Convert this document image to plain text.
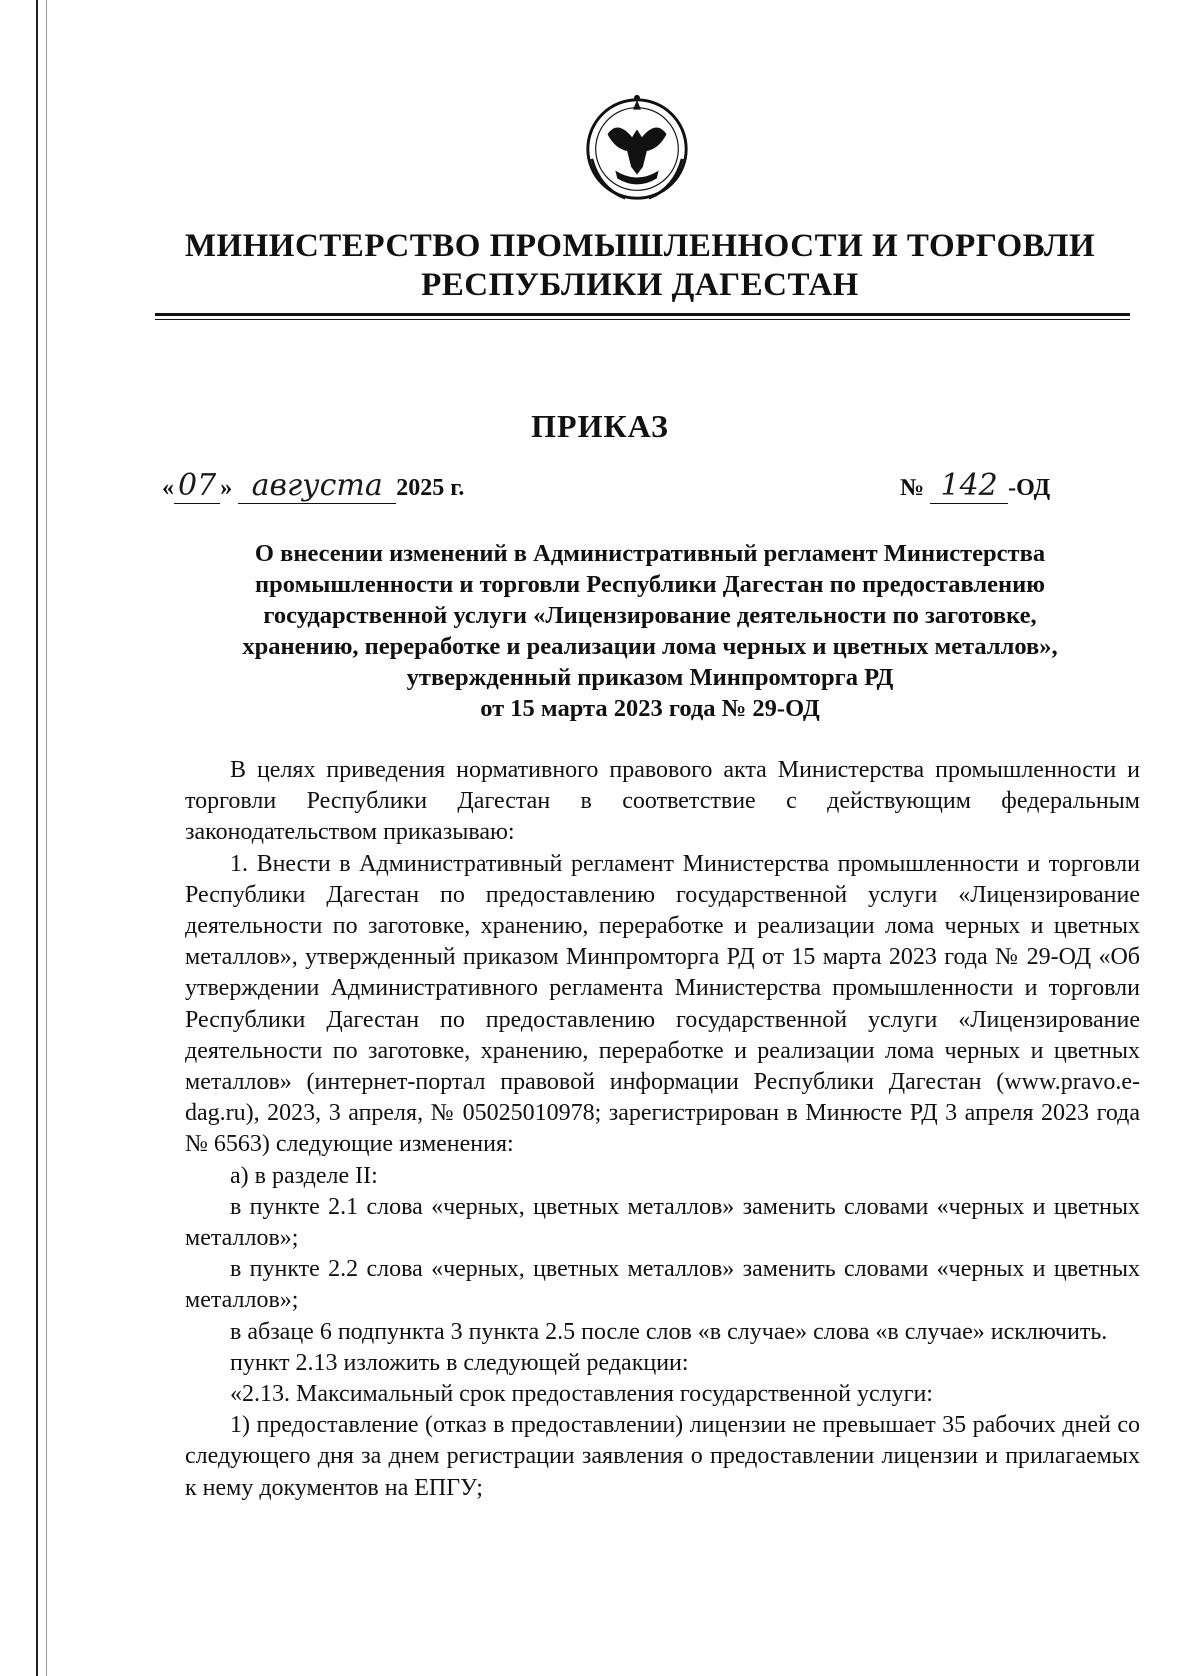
МИНИСТЕРСТВО ПРОМЫШЛЕННОСТИ И ТОРГОВЛИ
РЕСПУБЛИКИ ДАГЕСТАН
ПРИКАЗ
« 07 » августа 2025 г.	№ 142 -ОД
О внесении изменений в Административный регламент Министерства
промышленности и торговли Республики Дагестан по предоставлению
государственной услуги «Лицензирование деятельности по заготовке,
хранению, переработке и реализации лома черных и цветных металлов»,
утвержденный приказом Минпромторга РД
от 15 марта 2023 года № 29-ОД

В целях приведения нормативного правового акта Министерства промышленности и торговли Республики Дагестан в соответствие с действующим федеральным законодательством приказываю:

1. Внести в Административный регламент Министерства промышленности и торговли Республики Дагестан по предоставлению государственной услуги «Лицензирование деятельности по заготовке, хранению, переработке и реализации лома черных и цветных металлов», утвержденный приказом Минпромторга РД от 15 марта 2023 года № 29-ОД «Об утверждении Административного регламента Министерства промышленности и торговли Республики Дагестан по предоставлению государственной услуги «Лицензирование деятельности по заготовке, хранению, переработке и реализации лома черных и цветных металлов» (интернет-портал правовой информации Республики Дагестан (www.pravo.e-dag.ru), 2023, 3 апреля, № 05025010978; зарегистрирован в Минюсте РД 3 апреля 2023 года № 6563) следующие изменения:

а) в разделе II:

в пункте 2.1 слова «черных, цветных металлов» заменить словами «черных и цветных металлов»;

в пункте 2.2 слова «черных, цветных металлов» заменить словами «черных и цветных металлов»;

в абзаце 6 подпункта 3 пункта 2.5 после слов «в случае» слова «в случае» исключить.

пункт 2.13 изложить в следующей редакции:

«2.13. Максимальный срок предоставления государственной услуги:

1) предоставление (отказ в предоставлении) лицензии не превышает 35 рабочих дней со следующего дня за днем регистрации заявления о предоставлении лицензии и прилагаемых к нему документов на ЕПГУ;
